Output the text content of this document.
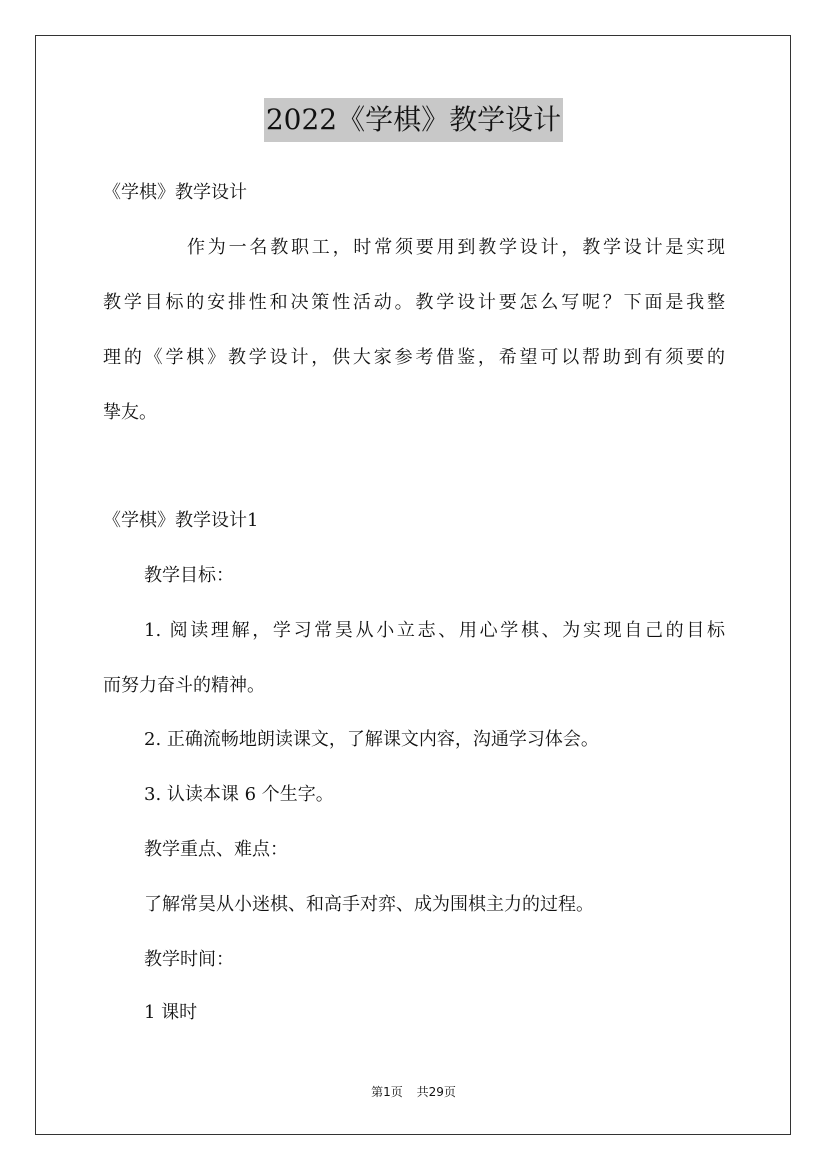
2022《学棋》教学设计
《学棋》教学设计
作为一名教职工，时常须要用到教学设计，教学设计是实现
教学目标的安排性和决策性活动。教学设计要怎么写呢？下面是我整
理的《学棋》教学设计，供大家参考借鉴，希望可以帮助到有须要的
挚友。
《学棋》教学设计1
教学目标：
1. 阅读理解，学习常昊从小立志、用心学棋、为实现自己的目标
而努力奋斗的精神。
2. 正确流畅地朗读课文，了解课文内容，沟通学习体会。
3. 认读本课 6 个生字。
教学重点、难点：
了解常昊从小迷棋、和高手对弈、成为围棋主力的过程。
教学时间：
1 课时
第1页 共29页
